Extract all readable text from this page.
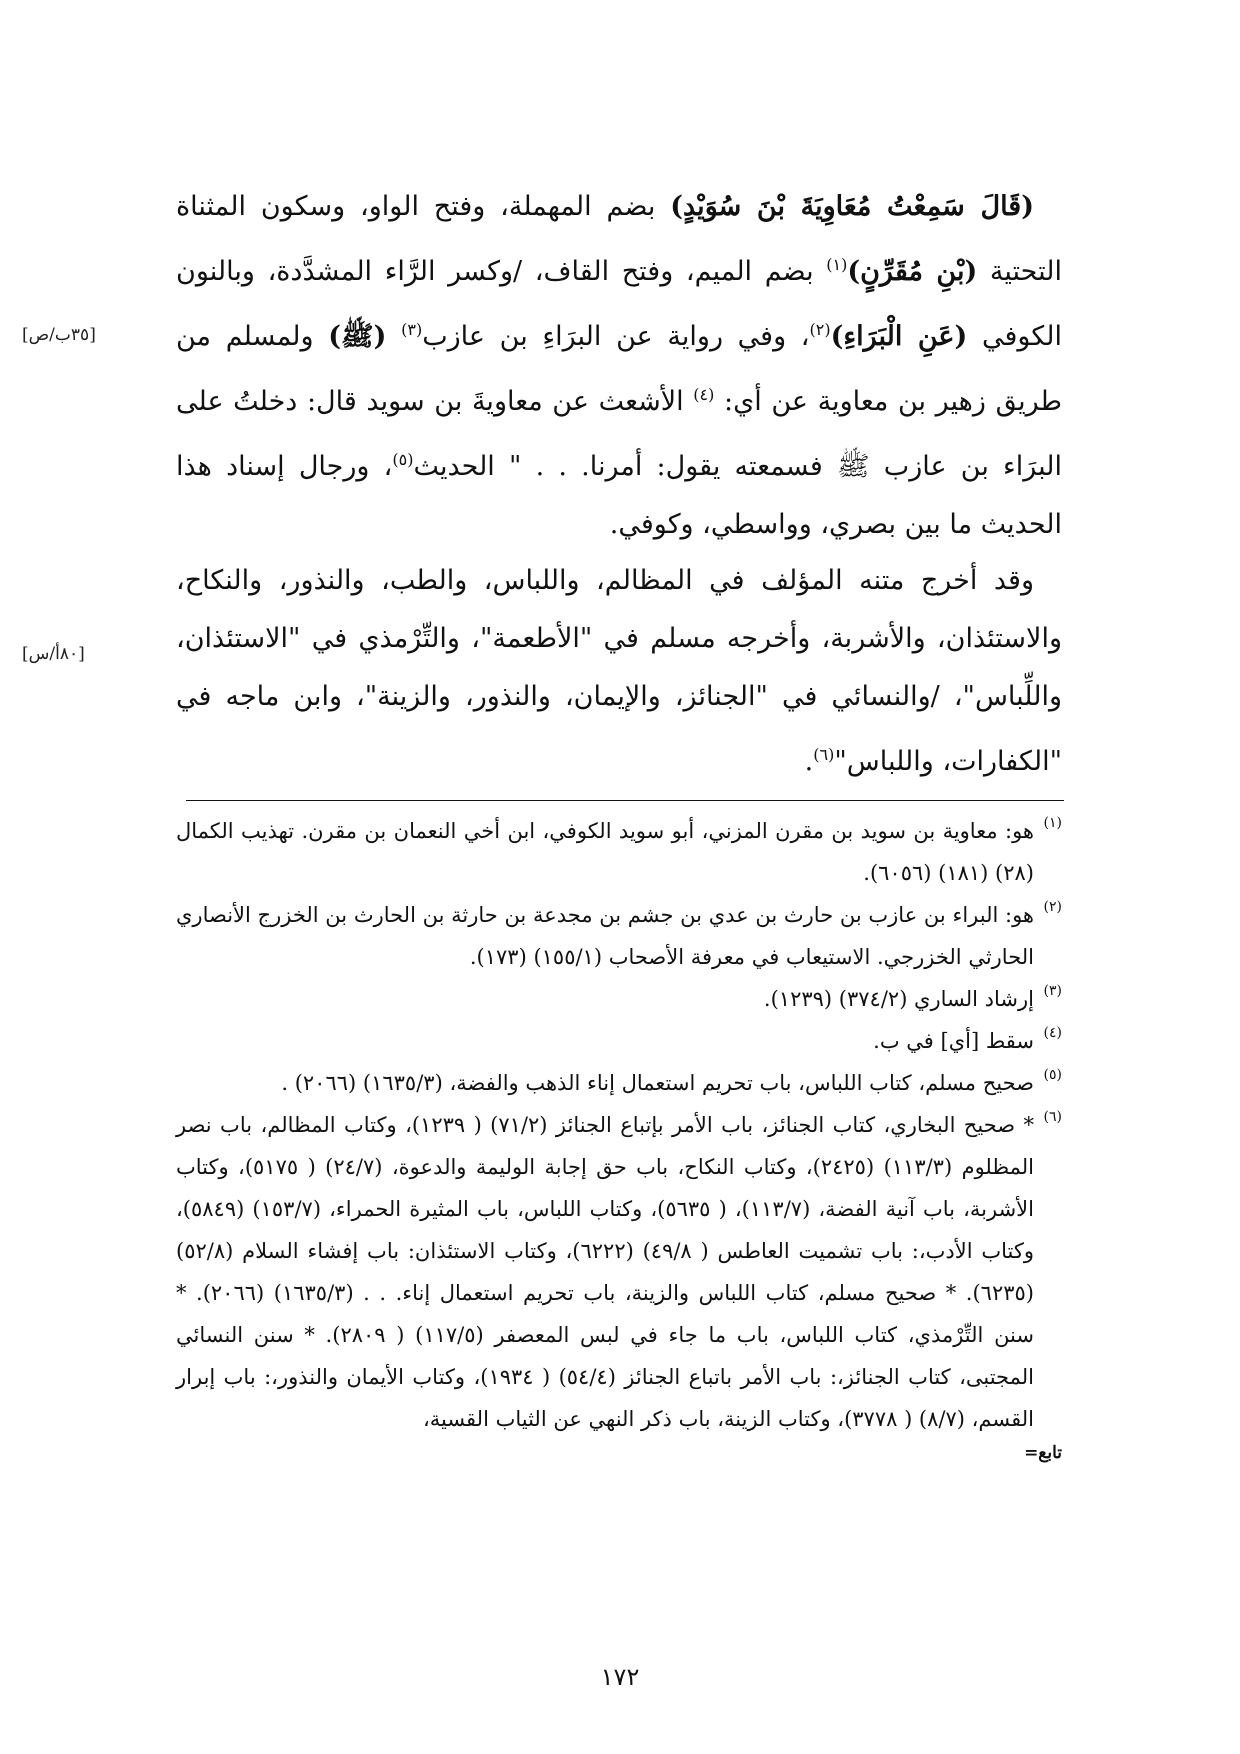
(قَالَ سَمِعْتُ مُعَاوِيَةَ بْنَ سُوَيْدٍ) بضم المهملة، وفتح الواو، وسكون المثناة التحتية (بْنِ مُقَرِّنٍ)$^{(١)}$ بضم الميم، وفتح القاف، /وكسر الرَّاء المشدَّدة، وبالنون الكوفي (عَنِ الْبَرَاءِ)$^{(٢)}$، وفي رواية عن البرَاءِ بن عازب$^{(٣)}$ (ﷺ) ولمسلم من طريق زهير بن معاوية عن أي: $^{(٤)}$ الأشعث عن معاويةَ بن سويد قال: دخلتُ على البرَاء بن عازب ﷺ فسمعته يقول: أمرنا. . . " الحديث$^{(٥)}$، ورجال إسناد هذا الحديث ما بين بصري، وواسطي، وكوفي.

وقد أخرج متنه المؤلف في المظالم، واللباس، والطب، والنذور، والنكاح، والاستئذان، والأشربة، وأخرجه مسلم في "الأطعمة"، والتِّرْمذي في "الاستئذان، واللِّباس"، /والنسائي في "الجنائز، والإيمان، والنذور، والزينة"، وابن ماجه في "الكفارات، واللباس"$^{(٦)}$.

[٣٥ب/ص]
[٨٠أ/س]

(١)
هو: معاوية بن سويد بن مقرن المزني، أبو سويد الكوفي، ابن أخي النعمان بن مقرن. تهذيب الكمال (٢٨) (١٨١) (٦٠٥٦).

(٢)
هو: البراء بن عازب بن حارث بن عدي بن جشم بن مجدعة بن حارثة بن الحارث بن الخزرج الأنصاري الحارثي الخزرجي. الاستيعاب في معرفة الأصحاب (١٥٥/١) (١٧٣).

(٣)
إرشاد الساري (٣٧٤/٢) (١٢٣٩).

(٤)
سقط [أي] في ب.

(٥)
صحيح مسلم، كتاب اللباس، باب تحريم استعمال إناء الذهب والفضة، (١٦٣٥/٣) (٢٠٦٦) .

(٦)
* صحيح البخاري، كتاب الجنائز، باب الأمر بإتباع الجنائز (٧١/٢) ( ١٢٣٩)، وكتاب المظالم، باب نصر المظلوم (١١٣/٣) (٢٤٢٥)، وكتاب النكاح، باب حق إجابة الوليمة والدعوة، (٢٤/٧) ( ٥١٧٥)، وكتاب الأشربة، باب آنية الفضة، (١١٣/٧)، ( ٥٦٣٥)، وكتاب اللباس، باب المثيرة الحمراء، (١٥٣/٧) (٥٨٤٩)، وكتاب الأدب،: باب تشميت العاطس ( ٤٩/٨) (٦٢٢٢)، وكتاب الاستئذان: باب إفشاء السلام (٥٢/٨) (٦٢٣٥). * صحيح مسلم، كتاب اللباس والزينة، باب تحريم استعمال إناء. . . (١٦٣٥/٣) (٢٠٦٦). * سنن التِّرْمذي، كتاب اللباس، باب ما جاء في لبس المعصفر (١١٧/٥) ( ٢٨٠٩). * سنن النسائي المجتبى، كتاب الجنائز،: باب الأمر باتباع الجنائز (٥٤/٤) ( ١٩٣٤)، وكتاب الأيمان والنذور،: باب إبرار القسم، (٨/٧) ( ٣٧٧٨)، وكتاب الزينة، باب ذكر النهي عن الثياب القسية،

تابع=
١٧٢
